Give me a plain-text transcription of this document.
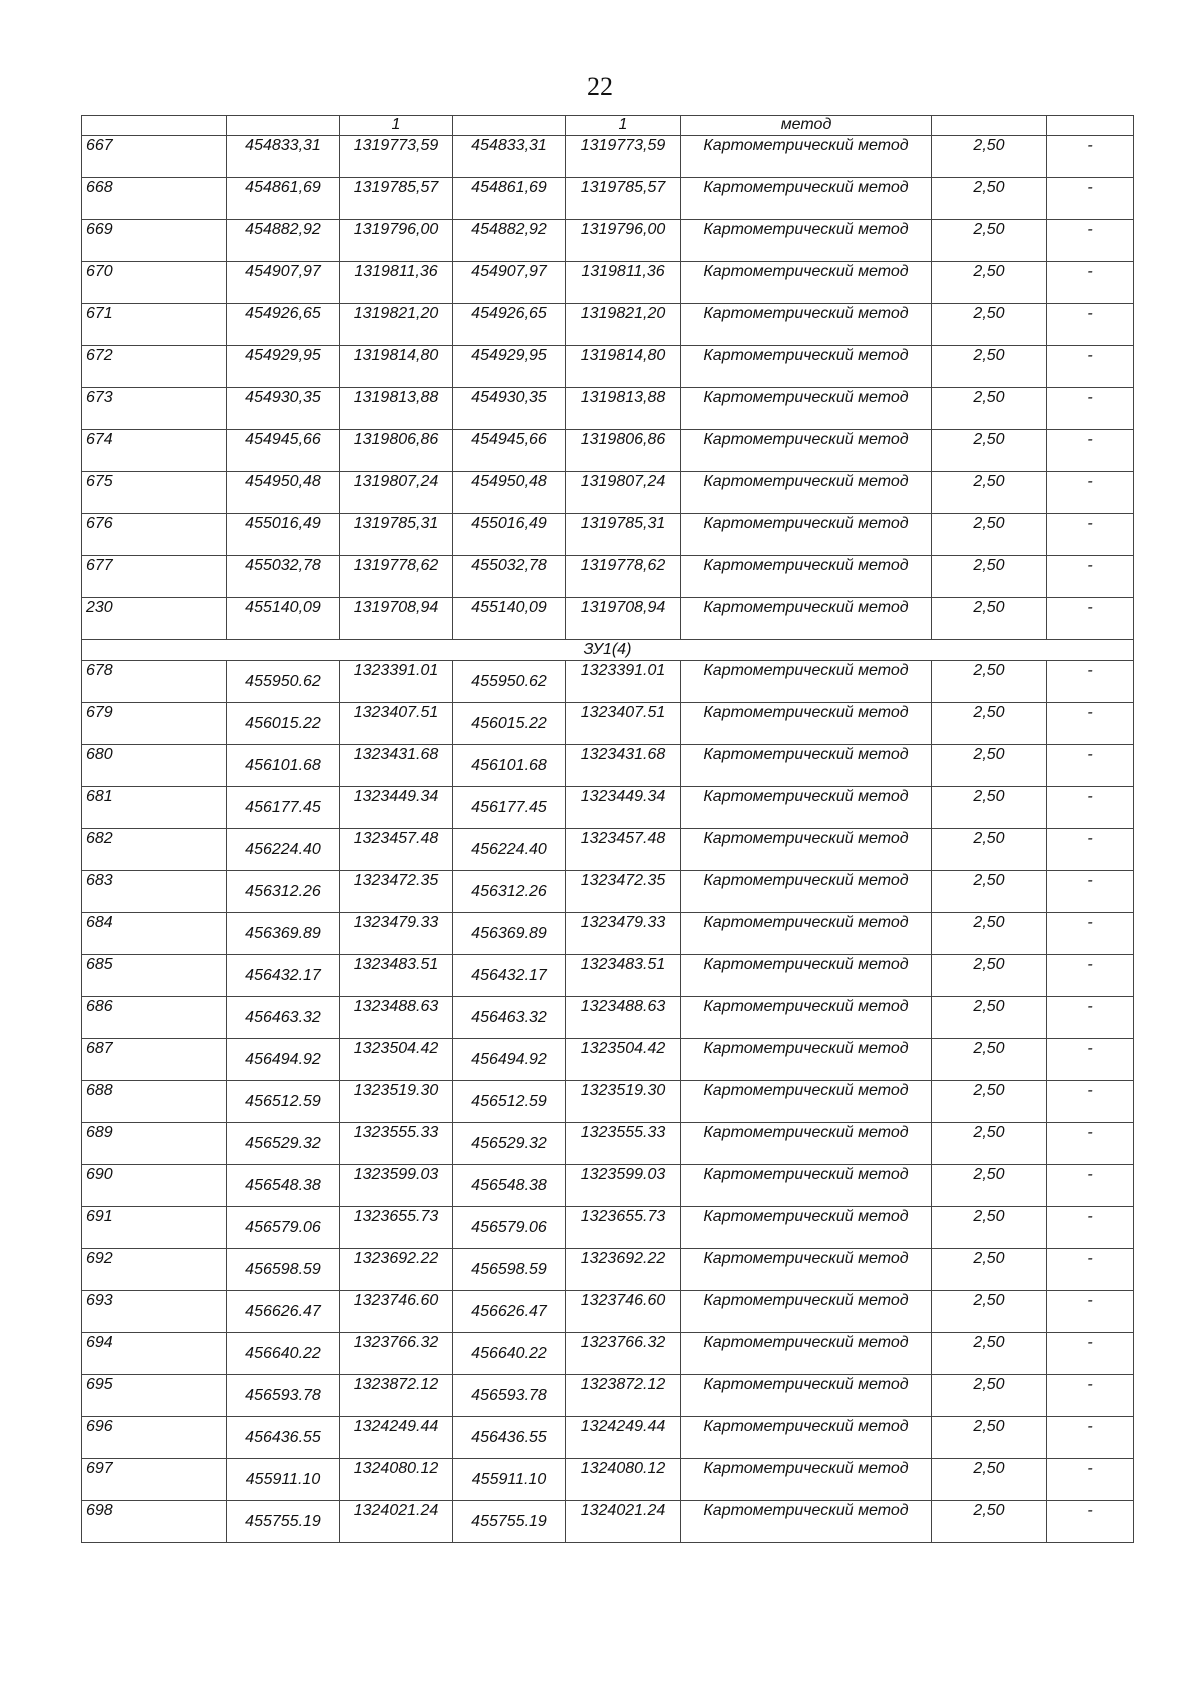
22
		1		1	метод		

667	454833,31	1319773,59	454833,31	1319773,59	Картометрический метод	2,50	-

668	454861,69	1319785,57	454861,69	1319785,57	Картометрический метод	2,50	-

669	454882,92	1319796,00	454882,92	1319796,00	Картометрический метод	2,50	-

670	454907,97	1319811,36	454907,97	1319811,36	Картометрический метод	2,50	-

671	454926,65	1319821,20	454926,65	1319821,20	Картометрический метод	2,50	-

672	454929,95	1319814,80	454929,95	1319814,80	Картометрический метод	2,50	-

673	454930,35	1319813,88	454930,35	1319813,88	Картометрический метод	2,50	-

674	454945,66	1319806,86	454945,66	1319806,86	Картометрический метод	2,50	-

675	454950,48	1319807,24	454950,48	1319807,24	Картометрический метод	2,50	-

676	455016,49	1319785,31	455016,49	1319785,31	Картометрический метод	2,50	-

677	455032,78	1319778,62	455032,78	1319778,62	Картометрический метод	2,50	-

230	455140,09	1319708,94	455140,09	1319708,94	Картометрический метод	2,50	-

ЗУ1(4)							

678	455950.62	1323391.01	455950.62	1323391.01	Картометрический метод	2,50	-

679	456015.22	1323407.51	456015.22	1323407.51	Картометрический метод	2,50	-

680	456101.68	1323431.68	456101.68	1323431.68	Картометрический метод	2,50	-

681	456177.45	1323449.34	456177.45	1323449.34	Картометрический метод	2,50	-

682	456224.40	1323457.48	456224.40	1323457.48	Картометрический метод	2,50	-

683	456312.26	1323472.35	456312.26	1323472.35	Картометрический метод	2,50	-

684	456369.89	1323479.33	456369.89	1323479.33	Картометрический метод	2,50	-

685	456432.17	1323483.51	456432.17	1323483.51	Картометрический метод	2,50	-

686	456463.32	1323488.63	456463.32	1323488.63	Картометрический метод	2,50	-

687	456494.92	1323504.42	456494.92	1323504.42	Картометрический метод	2,50	-

688	456512.59	1323519.30	456512.59	1323519.30	Картометрический метод	2,50	-

689	456529.32	1323555.33	456529.32	1323555.33	Картометрический метод	2,50	-

690	456548.38	1323599.03	456548.38	1323599.03	Картометрический метод	2,50	-

691	456579.06	1323655.73	456579.06	1323655.73	Картометрический метод	2,50	-

692	456598.59	1323692.22	456598.59	1323692.22	Картометрический метод	2,50	-

693	456626.47	1323746.60	456626.47	1323746.60	Картометрический метод	2,50	-

694	456640.22	1323766.32	456640.22	1323766.32	Картометрический метод	2,50	-

695	456593.78	1323872.12	456593.78	1323872.12	Картометрический метод	2,50	-

696	456436.55	1324249.44	456436.55	1324249.44	Картометрический метод	2,50	-

697	455911.10	1324080.12	455911.10	1324080.12	Картометрический метод	2,50	-

698	455755.19	1324021.24	455755.19	1324021.24	Картометрический метод	2,50	-
